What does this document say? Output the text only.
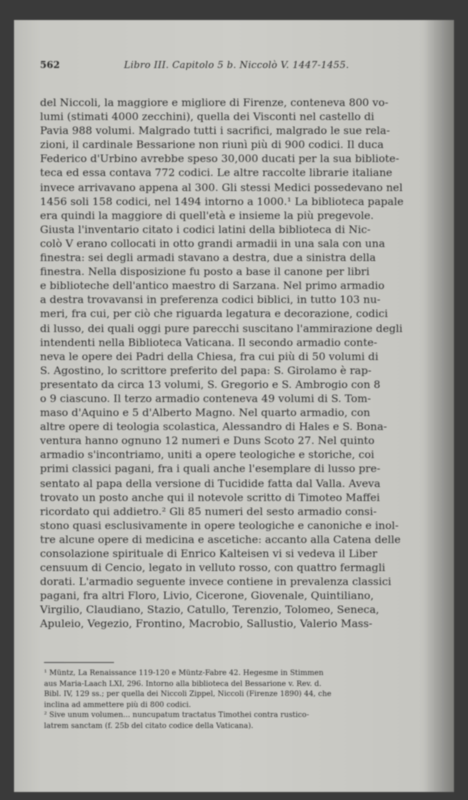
562	Libro III. Capitolo 5 b. Niccolò V. 1447-1455.
del Niccoli, la maggiore e migliore di Firenze, conteneva 800 vo-
lumi (stimati 4000 zecchini), quella dei Visconti nel castello di
Pavia 988 volumi. Malgrado tutti i sacrifici, malgrado le sue rela-
zioni, il cardinale Bessarione non riunì più di 900 codici. Il duca
Federico d'Urbino avrebbe speso 30,000 ducati per la sua bibliote-
teca ed essa contava 772 codici. Le altre raccolte librarie italiane
invece arrivavano appena al 300. Gli stessi Medici possedevano nel
1456 soli 158 codici, nel 1494 intorno a 1000.¹ La biblioteca papale
era quindi la maggiore di quell'età e insieme la più pregevole.
Giusta l'inventario citato i codici latini della biblioteca di Nic-
colò V erano collocati in otto grandi armadii in una sala con una
finestra: sei degli armadi stavano a destra, due a sinistra della
finestra. Nella disposizione fu posto a base il canone per libri
e biblioteche dell'antico maestro di Sarzana. Nel primo armadio
a destra trovavansi in preferenza codici biblici, in tutto 103 nu-
meri, fra cui, per ciò che riguarda legatura e decorazione, codici
di lusso, dei quali oggi pure parecchi suscitano l'ammirazione degli
intendenti nella Biblioteca Vaticana. Il secondo armadio conte-
neva le opere dei Padri della Chiesa, fra cui più di 50 volumi di
S. Agostino, lo scrittore preferito del papa: S. Girolamo è rap-
presentato da circa 13 volumi, S. Gregorio e S. Ambrogio con 8
o 9 ciascuno. Il terzo armadio conteneva 49 volumi di S. Tom-
maso d'Aquino e 5 d'Alberto Magno. Nel quarto armadio, con
altre opere di teologia scolastica, Alessandro di Hales e S. Bona-
ventura hanno ognuno 12 numeri e Duns Scoto 27. Nel quinto
armadio s'incontriamo, uniti a opere teologiche e storiche, coi
primi classici pagani, fra i quali anche l'esemplare di lusso pre-
sentato al papa della versione di Tucidide fatta dal Valla. Aveva
trovato un posto anche qui il notevole scritto di Timoteo Maffei
ricordato qui addietro.² Gli 85 numeri del sesto armadio consi-
stono quasi esclusivamente in opere teologiche e canoniche e inol-
tre alcune opere di medicina e ascetiche: accanto alla Catena delle
consolazione spirituale di Enrico Kalteisen vi si vedeva il Liber
censuum di Cencio, legato in velluto rosso, con quattro fermagli
dorati. L'armadio seguente invece contiene in prevalenza classici
pagani, fra altri Floro, Livio, Cicerone, Giovenale, Quintiliano,
Virgilio, Claudiano, Stazio, Catullo, Terenzio, Tolomeo, Seneca,
Apuleio, Vegezio, Frontino, Macrobio, Sallustio, Valerio Mass-
¹ Müntz, La Renaissance 119-120 e Müntz-Fabre 42. Hegesme in Stimmen
aus Maria-Laach LXI, 296. Intorno alla biblioteca del Bessarione v. Rev. d.
Bibl. IV, 129 ss.; per quella dei Niccoli Zippel, Niccoli (Firenze 1890) 44, che
inclina ad ammettere più di 800 codici.
² Sive unum volumen... nuncupatum tractatus Timothei contra rustico-
latrem sanctam (f. 25b del citato codice della Vaticana).
